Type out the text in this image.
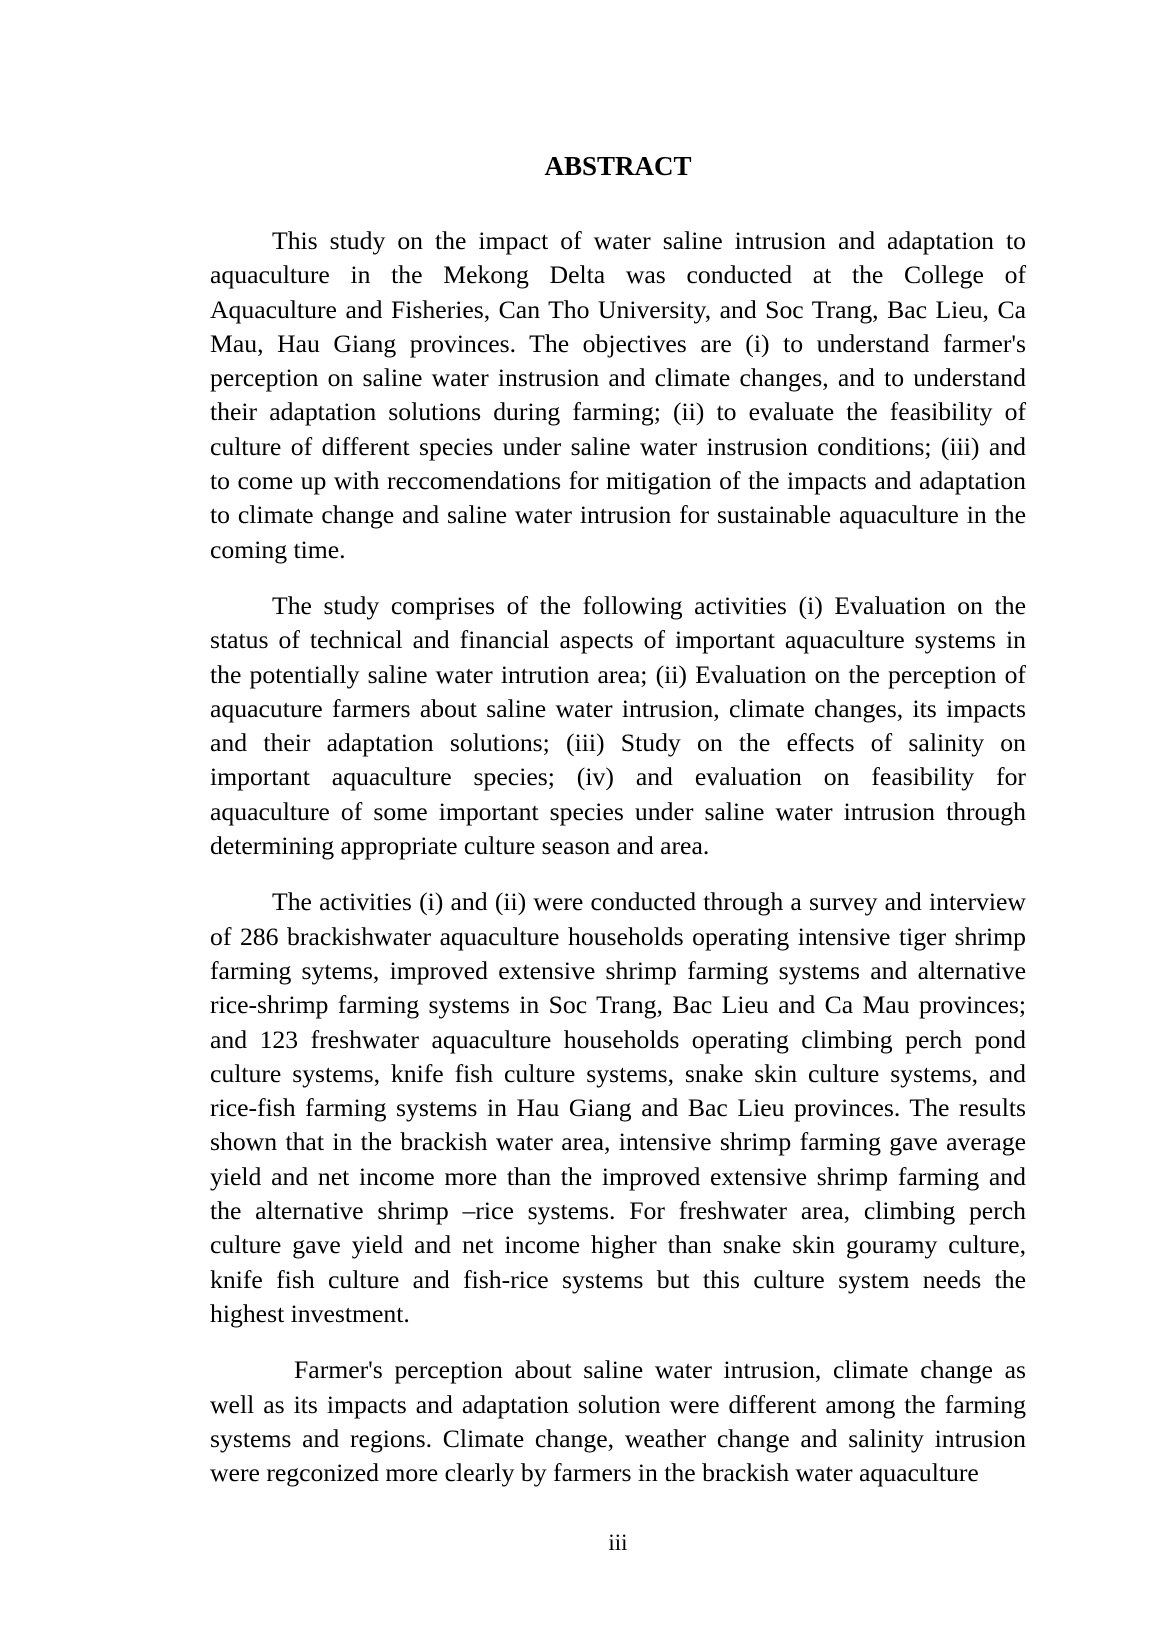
ABSTRACT
This study on the impact of water saline intrusion and adaptation to
aquaculture in the Mekong Delta was conducted at the College of
Aquaculture and Fisheries, Can Tho University, and Soc Trang, Bac Lieu, Ca
Mau, Hau Giang provinces. The objectives are (i) to understand farmer's
perception on saline water instrusion and climate changes, and to understand
their adaptation solutions during farming; (ii) to evaluate the feasibility of
culture of different species under saline water instrusion conditions; (iii) and
to come up with reccomendations for mitigation of the impacts and adaptation
to climate change and saline water intrusion for sustainable aquaculture in the
coming time.
The study comprises of the following activities (i) Evaluation on the
status of technical and financial aspects of important aquaculture systems in
the potentially saline water intrution area; (ii) Evaluation on the perception of
aquacuture farmers about saline water intrusion, climate changes, its impacts
and their adaptation solutions; (iii) Study on the effects of salinity on
important aquaculture species; (iv) and evaluation on feasibility for
aquaculture of some important species under saline water intrusion through
determining appropriate culture season and area.
The activities (i) and (ii) were conducted through a survey and interview
of 286 brackishwater aquaculture households operating intensive tiger shrimp
farming sytems, improved extensive shrimp farming systems and alternative
rice-shrimp farming systems in Soc Trang, Bac Lieu and Ca Mau provinces;
and 123 freshwater aquaculture households operating climbing perch pond
culture systems, knife fish culture systems, snake skin culture systems, and
rice-fish farming systems in Hau Giang and Bac Lieu provinces. The results
shown that in the brackish water area, intensive shrimp farming gave average
yield and net income more than the improved extensive shrimp farming and
the alternative shrimp –rice systems. For freshwater area, climbing perch
culture gave yield and net income higher than snake skin gouramy culture,
knife fish culture and fish-rice systems but this culture system needs the
highest investment.
Farmer's perception about saline water intrusion, climate change as
well as its impacts and adaptation solution were different among the farming
systems and regions. Climate change, weather change and salinity intrusion
were regconized more clearly by farmers in the brackish water aquaculture
iii
